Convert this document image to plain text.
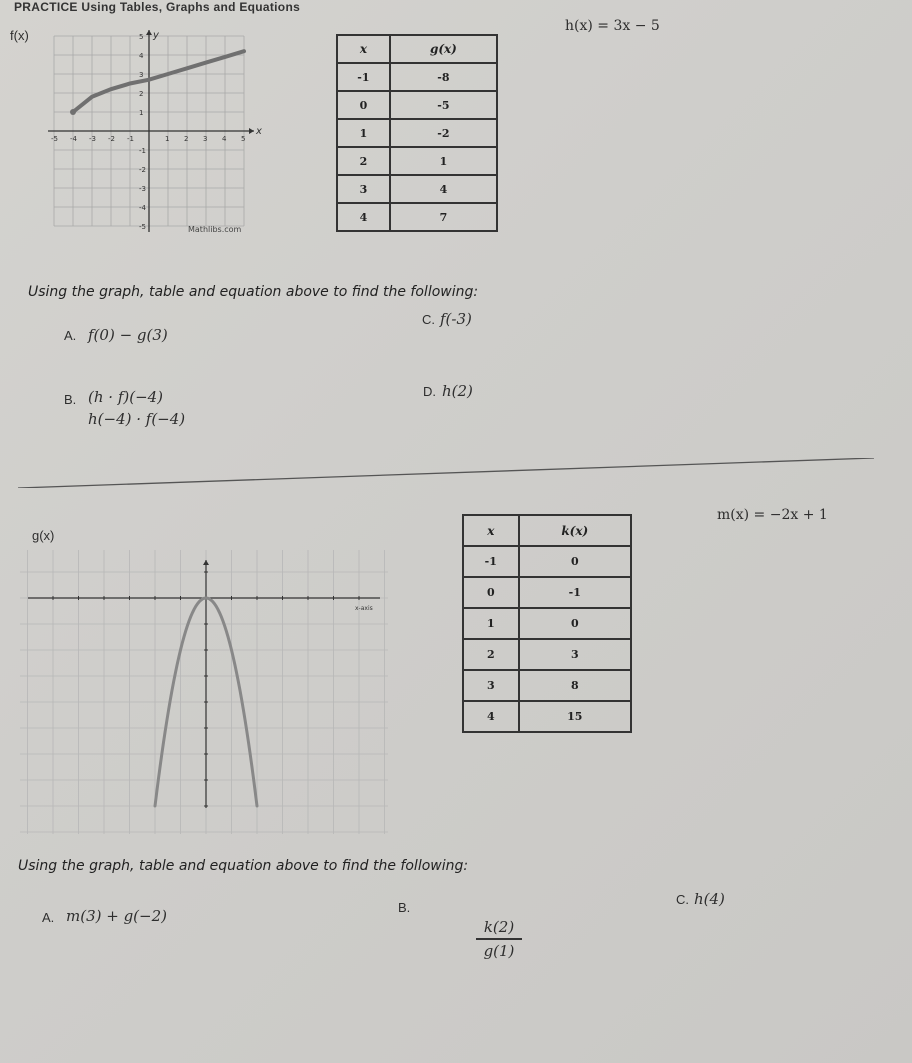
PRACTICE Using Tables, Graphs and Equations
f(x)
-5 -4 -3 -2 -1	1 2 3 4 5
5
4
3
2
1
-1
-2
-3
-4
-5
y
x
Mathlibs.com
x	g(x)
-1	-8
0	-5
1	-2
2	1
3	4
4	7
h(x) = 3x − 5
Using the graph, table and equation above to find the following:
A. f(0) − g(3)
C. f(-3)
B. (h · f)(−4)
h(−4) · f(−4)
D. h(2)
g(x)
x-axis
x	k(x)
-1	0
0	-1
1	0
2	3
3	8
4	15
m(x) = −2x + 1
Using the graph, table and equation above to find the following:
A. m(3) + g(−2)	B.
k(2)
g(1)
C. h(4)
